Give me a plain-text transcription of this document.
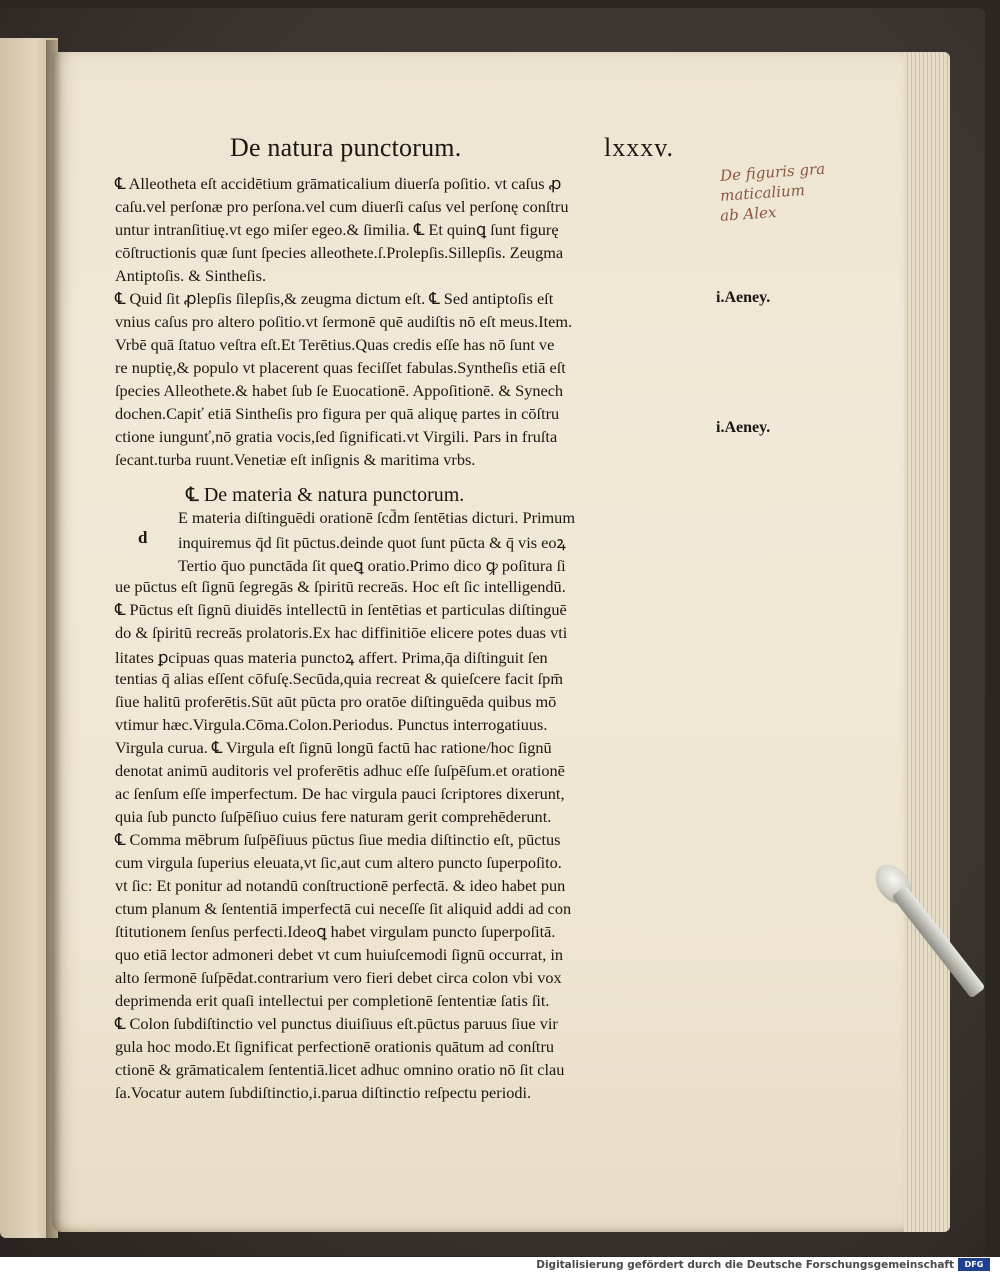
De natura punctorum.	lxxxv.
De figuris gra
maticalium
ab Alex
℄ Alleotheta eſt accidētium grāmaticalium diuerſa poſitio. vt caſus ꝓ
caſu.vel perſonæ pro perſona.vel cum diuerſi caſus vel perſonę conſtru
untur intranſitiuę.vt ego miſer egeo.& ſimilia. ℄ Et quinꝗ ſunt figurę
cōſtructionis quæ ſunt ſpecies alleothete.ſ.Prolepſis.Sillepſis. Zeugma
Antiptoſis. & Sintheſis.
℄ Quid ſit ꝓlepſis ſilepſis,& zeugma dictum eſt. ℄ Sed antiptoſis eſt
vnius caſus pro altero poſitio.vt ſermonē quē audiſtis nō eſt meus.Item.
Vrbē quā ſtatuo veſtra eſt.Et Terētius.Quas credis eſſe has nō ſunt ve
re nuptię,& populo vt placerent quas feciſſet fabulas.Syntheſis etiā eſt
ſpecies Alleothete.& habet ſub ſe Euocationē. Appoſitionē. & Synech
dochen.Capiť etiā Sintheſis pro figura per quā aliquę partes in cōſtru
ctione iungunť,nō gratia vocis,ſed ſignificati.vt Virgili. Pars in fruſta
ſecant.turba ruunt.Venetiæ eſt inſignis & maritima vrbs.
i.Aeney.
i.Aeney.
℄ De materia & natura punctorum.
d
E materia diſtinguēdi orationē ſcd̄m ſentētias dicturi. Primum
inquiremus q̄d ſit pūctus.deinde quot ſunt pūcta & q̄ vis eoꝝ
Tertio q̄uo punctāda ſit queꝗ oratio.Primo dico ꝙ poſitura ſi
ue pūctus eſt ſignū ſegregās & ſpiritū recreās. Hoc eſt ſic intelligendū.
℄ Pūctus eſt ſignū diuidēs intellectū in ſentētias et particulas diſtinguē
do & ſpiritū recreās prolatoris.Ex hac diffinitiōe elicere potes duas vti
litates ꝑcipuas quas materia punctoꝝ affert. Prima,q̄a diſtinguit ſen
tentias q̄ alias eſſent cōfuſę.Secūda,quia recreat & quieſcere facit ſpm̄
ſiue halitū proferētis.Sūt aūt pūcta pro oratōe diſtinguēda quibus mō
vtimur hæc.Virgula.Cōma.Colon.Periodus. Punctus interrogatiuus.
Virgula curua. ℄ Virgula eſt ſignū longū factū hac ratione/hoc ſignū
denotat animū auditoris vel proferētis adhuc eſſe ſuſpēſum.et orationē
ac ſenſum eſſe imperfectum. De hac virgula pauci ſcriptores dixerunt,
quia ſub puncto ſuſpēſiuo cuius fere naturam gerit comprehēderunt.
℄ Comma mēbrum ſuſpēſiuus pūctus ſiue media diſtinctio eſt, pūctus
cum virgula ſuperius eleuata,vt ſic,aut cum altero puncto ſuperpoſito.
vt ſic: Et ponitur ad notandū conſtructionē perfectā. & ideo habet pun
ctum planum & ſententiā imperfectā cui neceſſe ſit aliquid addi ad con
ſtitutionem ſenſus perfecti.Ideoꝗ habet virgulam puncto ſuperpoſitā.
quo etiā lector admoneri debet vt cum huiuſcemodi ſignū occurrat, in
alto ſermonē ſuſpēdat.contrarium vero fieri debet circa colon vbi vox
deprimenda erit quaſi intellectui per completionē ſententiæ ſatis ſit.
℄ Colon ſubdiſtinctio vel punctus diuiſiuus eſt.pūctus paruus ſiue vir
gula hoc modo.Et ſignificat perfectionē orationis quātum ad conſtru
ctionē & grāmaticalem ſententiā.licet adhuc omnino oratio nō ſit clau
ſa.Vocatur autem ſubdiſtinctio,i.parua diſtinctio reſpectu periodi.
Digitalisierung gefördert durch die Deutsche Forschungsgemeinschaft	DFG
